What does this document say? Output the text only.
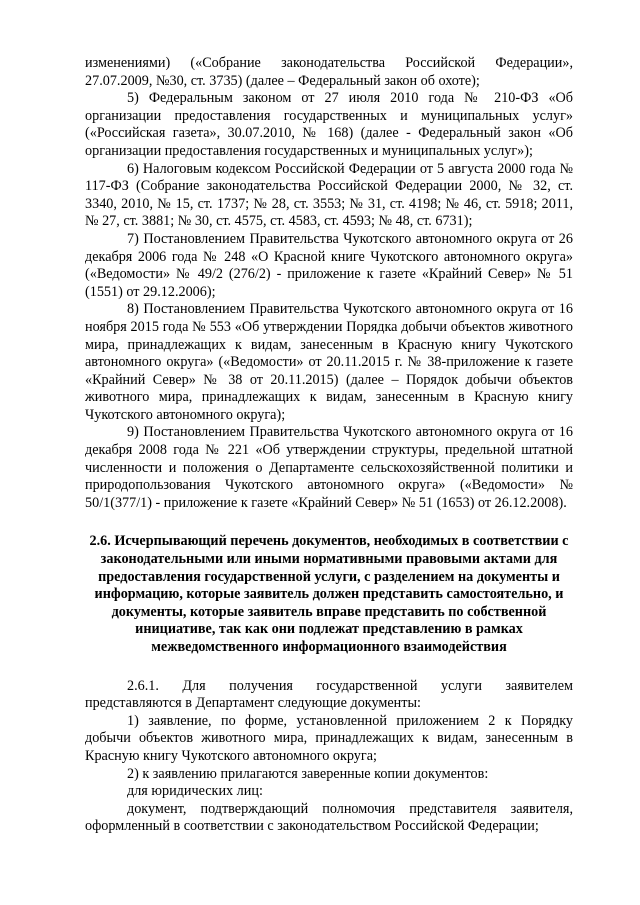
изменениями) («Собрание законодательства Российской Федерации», 27.07.2009, №30, ст. 3735) (далее – Федеральный закон об охоте);

5) Федеральным законом от 27 июля 2010 года № 210-ФЗ «Об организации предоставления государственных и муниципальных услуг» («Российская газета», 30.07.2010, № 168) (далее - Федеральный закон «Об организации предоставления государственных и муниципальных услуг»);

6) Налоговым кодексом Российской Федерации от 5 августа 2000 года № 117-ФЗ (Собрание законодательства Российской Федерации 2000, № 32, ст. 3340, 2010, № 15, ст. 1737; № 28, ст. 3553; № 31, ст. 4198; № 46, ст. 5918; 2011, № 27, ст. 3881; № 30, ст. 4575, ст. 4583, ст. 4593; № 48, ст. 6731);

7) Постановлением Правительства Чукотского автономного округа от 26 декабря 2006 года № 248 «О Красной книге Чукотского автономного округа» («Ведомости» № 49/2 (276/2) - приложение к газете «Крайний Север» № 51 (1551) от 29.12.2006);

8) Постановлением Правительства Чукотского автономного округа от 16 ноября 2015 года № 553 «Об утверждении Порядка добычи объектов животного мира, принадлежащих к видам, занесенным в Красную книгу Чукотского автономного округа» («Ведомости» от 20.11.2015 г. № 38-приложение к газете «Крайний Север» № 38 от 20.11.2015) (далее – Порядок добычи объектов животного мира, принадлежащих к видам, занесенным в Красную книгу Чукотского автономного округа);

9) Постановлением Правительства Чукотского автономного округа от 16 декабря 2008 года № 221 «Об утверждении структуры, предельной штатной численности и положения о Департаменте сельскохозяйственной политики и природопользования Чукотского автономного округа» («Ведомости» № 50/1(377/1) - приложение к газете «Крайний Север» № 51 (1653) от 26.12.2008).

2.6. Исчерпывающий перечень документов, необходимых в соответствии с законодательными или иными нормативными правовыми актами для предоставления государственной услуги, с разделением на документы и информацию, которые заявитель должен представить самостоятельно, и документы, которые заявитель вправе представить по собственной инициативе, так как они подлежат представлению в рамках межведомственного информационного взаимодействия

2.6.1. Для получения государственной услуги заявителем представляются в Департамент следующие документы:

1) заявление, по форме, установленной приложением 2 к Порядку добычи объектов животного мира, принадлежащих к видам, занесенным в Красную книгу Чукотского автономного округа;

2) к заявлению прилагаются заверенные копии документов:

для юридических лиц:

документ, подтверждающий полномочия представителя заявителя, оформленный в соответствии с законодательством Российской Федерации;
